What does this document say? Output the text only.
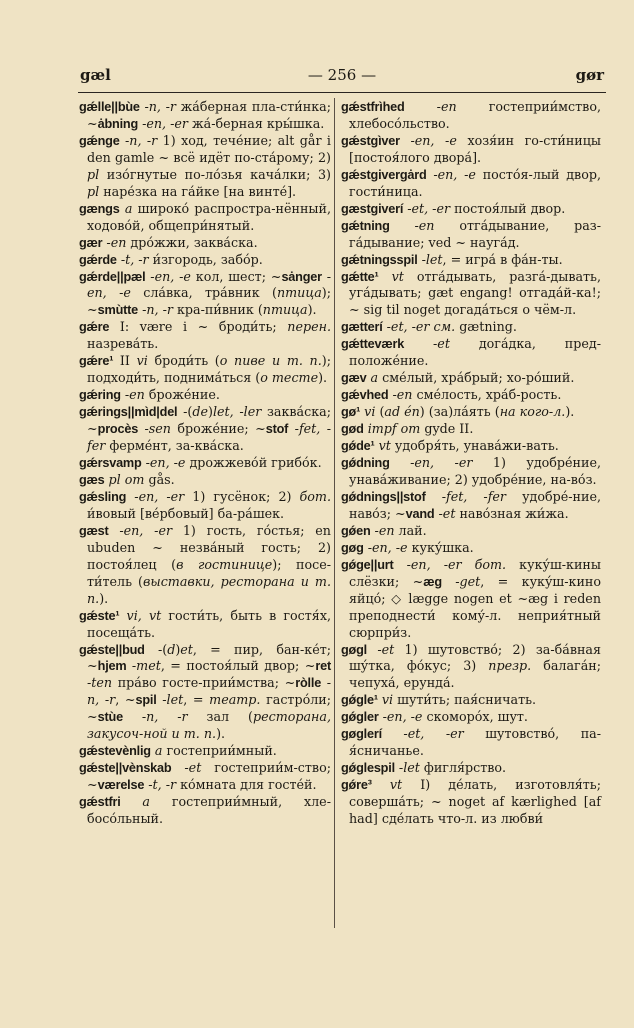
gæl	— 256 —	gør

gǽlle||bùe -n, -r жа́берная пла-сти́нка; ~ȧbning -en, -er жа́-берная кры́шка.

gǽnge -n, -r 1) ход, тече́ние; alt går i den gamle ~ всё идёт по-ста́рому; 2) pl изо́гнутые по-ло́зья кача́лки; 3) pl наре́зка на га́йке [на винте́].

gængs a широко́ распростра-нённый, ходово́й, общепри́нятый.

gær -en дро́жжи, заква́ска.

gǽrde -t, -r и́згородь, забо́р.

gǽrde||pæl -en, -e кол, шест; ~sȧnger -en, -e сла́вка, тра́вник (птица); ~smùtte -n, -r кра-пи́вник (птица).

gǽre I: være i ~ броди́ть; перен. назрева́ть.

gǽre¹ II vi броди́ть (о пиве и т. п.); подходи́ть, поднима́ться (о тесте).

gǽring -en броже́ние.

gǽrings||mìd|del -(de)let, -ler заква́ска; ~procès -sen броже́ние; ~stof -fet, -fer ферме́нт, за-ква́ска.

gǽrsvamp -en, -e дрожжево́й грибо́к.

gæs pl om gås.

gǽsling -en, -er 1) гусёнок; 2) бот. и́вовый [ве́рбовый] ба-ра́шек.

gæst -en, -er 1) гость, го́стья; en ubuden ~ незва́ный гость; 2) постоя́лец (в гостинице); посе-ти́тель (выставки, ресторана и т. п.).

gǽste¹ vi, vt гости́ть, быть в гостя́х, посеща́ть.

gǽste||bud -(d)et, = пир, бан-ке́т; ~hjem -met, = постоя́лый двор; ~ret -ten пра́во госте-прии́мства; ~ròlle -n, -r, ~spil -let, = театр. гастро́ли; ~stùe -n, -r зал (ресторана, закусоч-ной и т. п.).

gǽstevènlig a гостеприи́мный.

gǽste||vènskab -et гостеприи́м-ство; ~værelse -t, -r ко́мната для госте́й.

gǽstfri a гостеприи́мный, хле-босо́льный.

gǽstfrìhed -en гостеприи́мство, хлебосо́льство.

gǽstgìver -en, -e хозя́ин го-сти́ницы [постоя́лого двора́].

gǽstgivergȧrd -en, -e посто́я-лый двор, гости́ница.

gæstgiverí -et, -er постоя́лый двор.

gǽtning -en отга́дывание, раз-га́дывание; ved ~ науга́д.

gǽtningsspil -let, = игра́ в фа́н-ты.

gǽtte¹ vt отга́дывать, разга́-дывать, уга́дывать; gæt engang! отгада́й-ка!; ~ sig til noget догада́ться о чём-л.

gætterí -et, -er см. gætning.

gǽtteværk -et дога́дка, пред-положе́ние.

gæv a сме́лый, хра́брый; хо-ро́ший.

gǽvhed -en сме́лость, хра́б-рость.

gø¹ vi (ad én) (за)ла́ять (на кого-л.).

gød impf om gyde II.

gǿde¹ vt удобря́ть, унава́жи-вать.

gǿdning -en, -er 1) удобре́ние, унава́живание; 2) удобре́ние, на-во́з.

gǿdnings||stof -fet, -fer удобре́-ние, наво́з; ~vand -et наво́зная жи́жа.

gǿen -en лай.

gøg -en, -e куку́шка.

gǿge||urt -en, -er бот. куку́ш-кины слёзки; ~æg -get, = куку́ш-кино яйцо́; ◇ lægge nogen et ~æg i reden преподнести́ кому́-л. неприя́тный сюрпри́з.

gøgl -et 1) шутовство́; 2) за-ба́вная шу́тка, фо́кус; 3) презр. балага́н; чепуха́, ерунда́.

gǿgle¹ vi шути́ть; пая́сничать.

gǿgler -en, -e скомоpóх, шут.

gøglerí -et, -er шутовство́, па-я́сничанье.

gǿglespil -let фигля́рство.

gǿre³ vt I) де́лать, изготовля́ть; соверша́ть; ~ noget af kærlighed [af had] сде́лать что-л. из любви́
